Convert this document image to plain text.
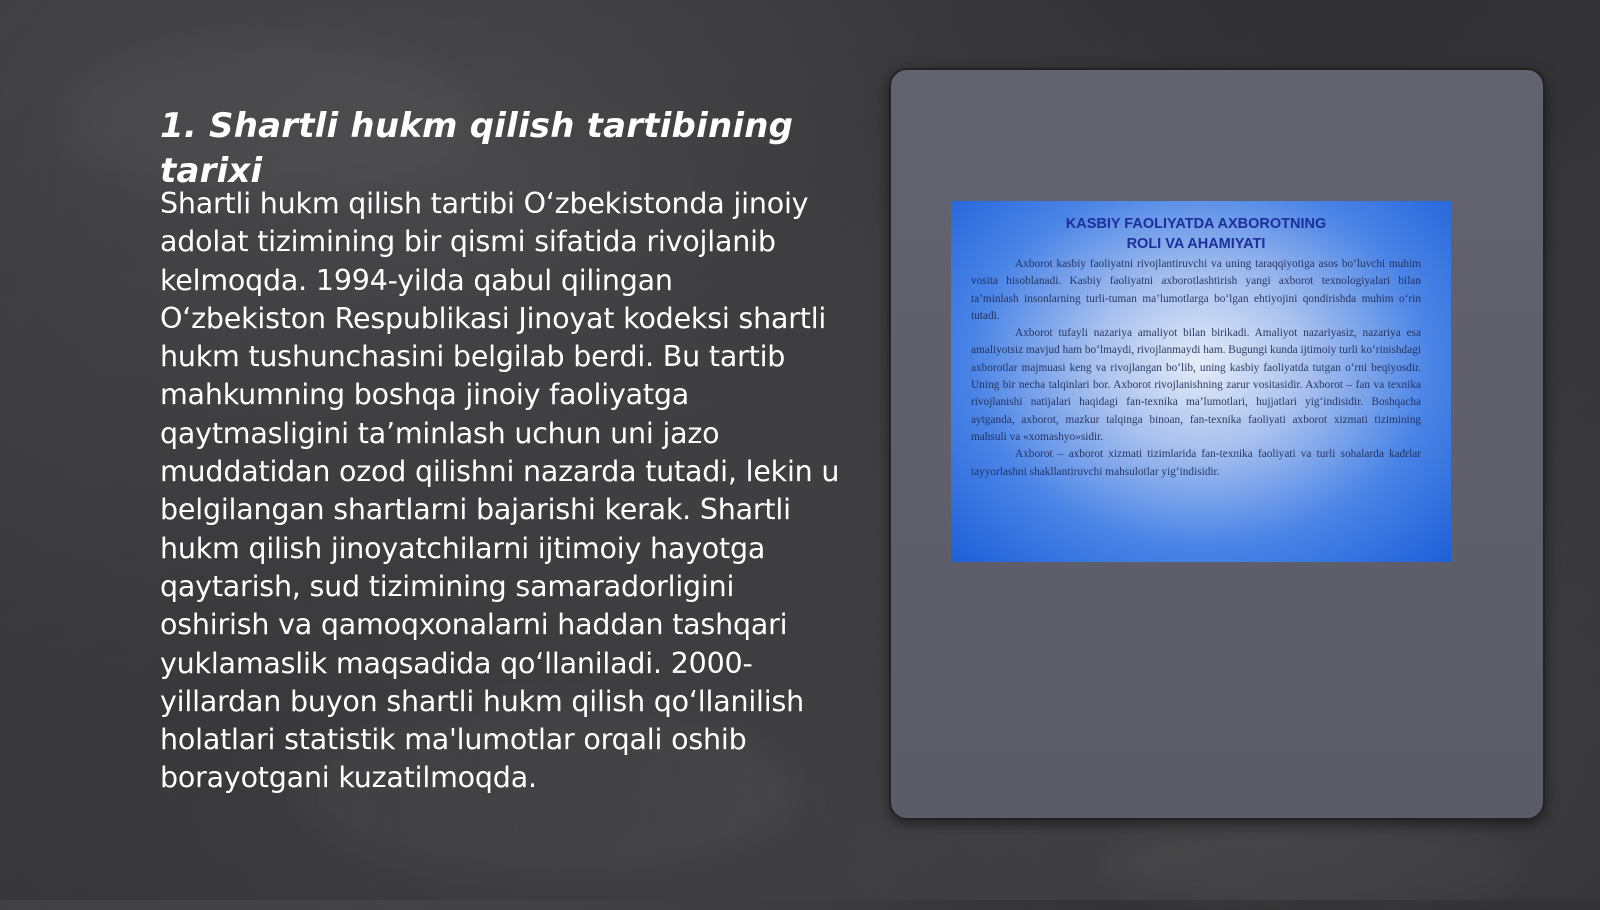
1. Shartli hukm qilish tartibining tarixi

Shartli hukm qilish tartibi O‘zbekistonda jinoiy adolat tizimining bir qismi sifatida rivojlanib kelmoqda. 1994-yilda qabul qilingan O‘zbekiston Respublikasi Jinoyat kodeksi shartli hukm tushunchasini belgilab berdi. Bu tartib mahkumning boshqa jinoiy faoliyatga qaytmasligini ta’minlash uchun uni jazo muddatidan ozod qilishni nazarda tutadi, lekin u belgilangan shartlarni bajarishi kerak. Shartli hukm qilish jinoyatchilarni ijtimoiy hayotga qaytarish, sud tizimining samaradorligini oshirish va qamoqxonalarni haddan tashqari yuklamaslik maqsadida qo‘llaniladi. 2000-yillardan buyon shartli hukm qilish qo‘llanilish holatlari statistik ma'lumotlar orqali oshib borayotgani kuzatilmoqda.

KASBIY FAOLIYATDA AXBOROTNING
ROLI VA AHAMIYATI

Axborot kasbiy faoliyatni rivojlantiruvchi va uning taraqqiyotiga asos bo‘luvchi muhim vosita hisoblanadi. Kasbiy faoliyatni axborotlashtirish yangi axborot texnologiyalari bilan ta’minlash insonlarning turli-tuman ma’lumotlarga bo‘lgan ehtiyojini qondirishda muhim o‘rin tutadi.

Axborot tufayli nazariya amaliyot bilan birikadi. Amaliyot nazariyasiz, nazariya esa amaliyotsiz mavjud ham bo‘lmaydi, rivojlanmaydi ham. Bugungi kunda ijtimoiy turli ko‘rinishdagi axborotlar majmuasi keng va rivojlangan bo‘lib, uning kasbiy faoliyatda tutgan o‘rni beqiyosdir. Uning bir necha talqinlari bor. Axborot rivojlanishning zarur vositasidir. Axborot – fan va texnika rivojlanishi natijalari haqidagi fan-texnika ma’lumotlari, hujjatlari yig‘indisidir. Boshqacha aytganda, axborot, mazkur talqinga binoan, fan-texnika faoliyati axborot xizmati tizimining mahsuli va «xomashyo»sidir.

Axborot – axborot xizmati tizimlarida fan-texnika faoliyati va turli sohalarda kadrlar tayyorlashni shakllantiruvchi mahsulotlar yig‘indisidir.
